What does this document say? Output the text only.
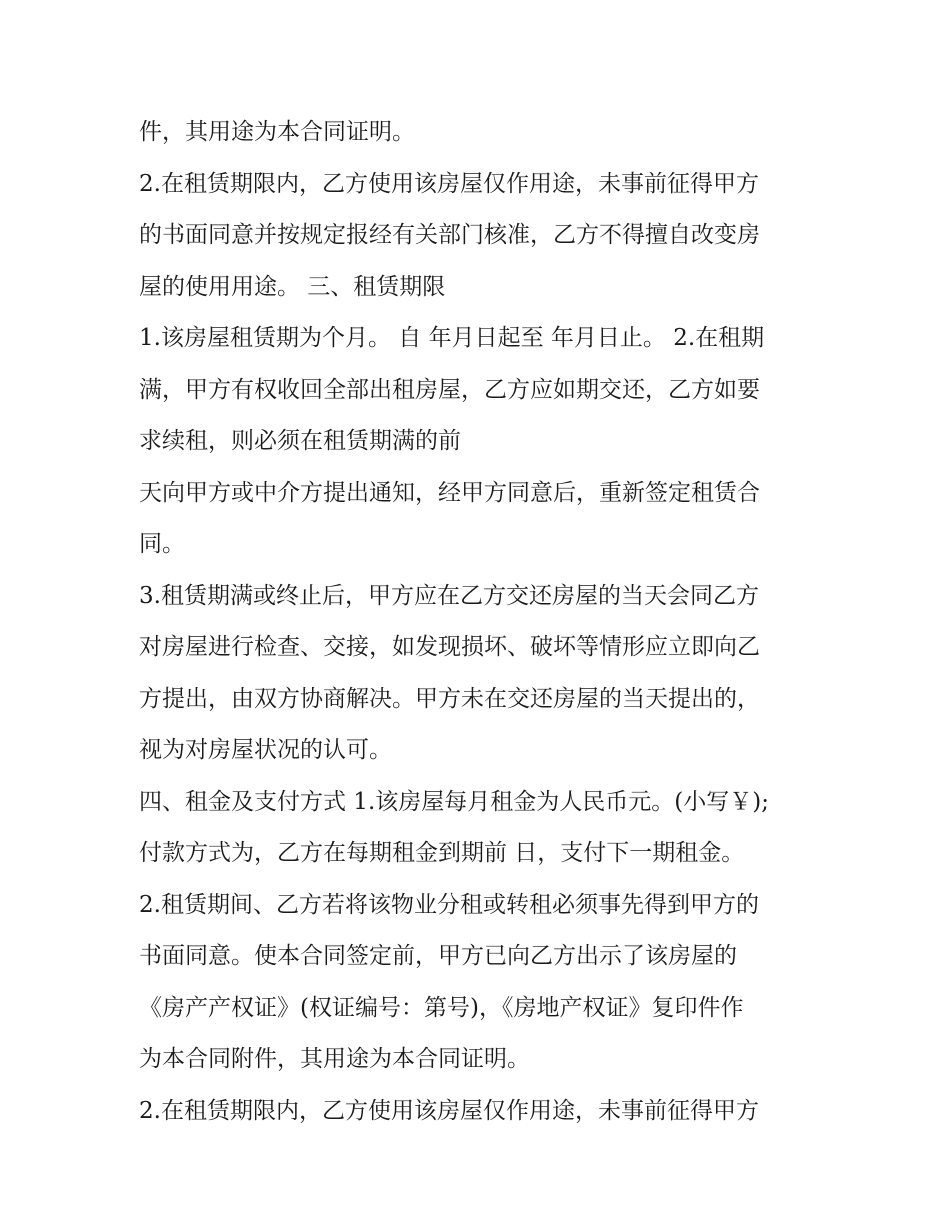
件，其用途为本合同证明。
2.在租赁期限内，乙方使用该房屋仅作用途，未事前征得甲方
的书面同意并按规定报经有关部门核准，乙方不得擅自改变房
屋的使用用途。 三、租赁期限
1.该房屋租赁期为个月。 自 年月日起至 年月日止。 2.在租期
满，甲方有权收回全部出租房屋，乙方应如期交还，乙方如要
求续租，则必须在租赁期满的前
天向甲方或中介方提出通知，经甲方同意后，重新签定租赁合
同。
3.租赁期满或终止后，甲方应在乙方交还房屋的当天会同乙方
对房屋进行检查、交接，如发现损坏、破坏等情形应立即向乙
方提出，由双方协商解决。甲方未在交还房屋的当天提出的，
视为对房屋状况的认可。
四、租金及支付方式 1.该房屋每月租金为人民币元。(小写￥);
付款方式为，乙方在每期租金到期前 日，支付下一期租金。
2.租赁期间、乙方若将该物业分租或转租必须事先得到甲方的
书面同意。使本合同签定前，甲方已向乙方出示了该房屋的
《房产产权证》(权证编号：第号)，《房地产权证》复印件作
为本合同附件，其用途为本合同证明。
2.在租赁期限内，乙方使用该房屋仅作用途，未事前征得甲方
